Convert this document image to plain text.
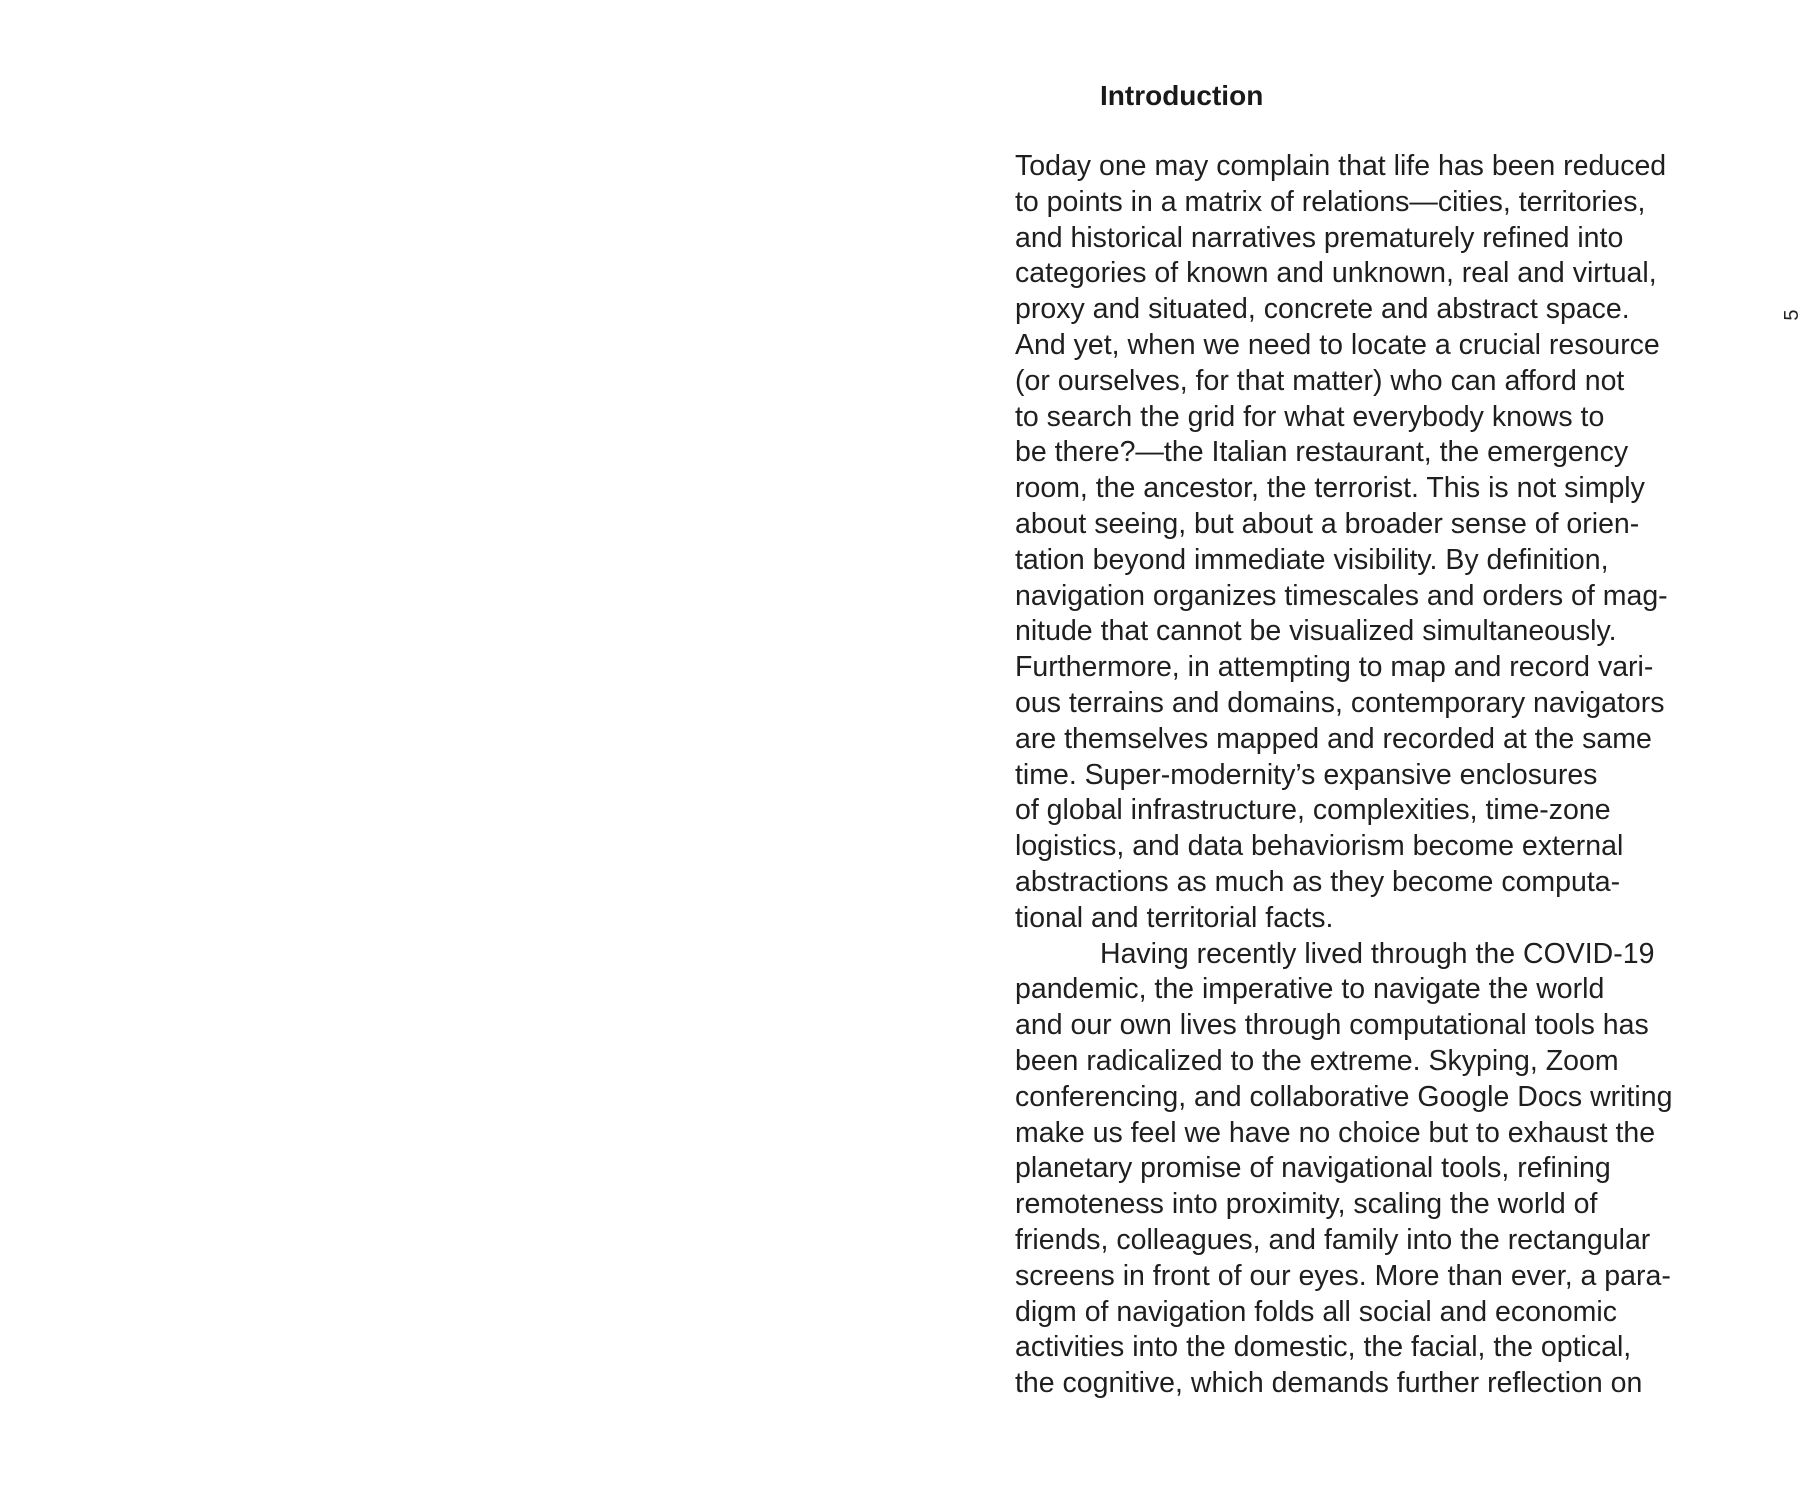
Introduction
Today one may complain that life has been reduced
to points in a matrix of relations—cities, territories,
and historical narratives prematurely refined into
categories of known and unknown, real and virtual,
proxy and situated, concrete and abstract space.
And yet, when we need to locate a crucial resource
(or ourselves, for that matter) who can afford not
to search the grid for what everybody knows to
be there?—the Italian restaurant, the emergency
room, the ancestor, the terrorist. This is not simply
about seeing, but about a broader sense of orien-
tation beyond immediate visibility. By definition,
navigation organizes timescales and orders of mag-
nitude that cannot be visualized simultaneously.
Furthermore, in attempting to map and record vari-
ous terrains and domains, contemporary navigators
are themselves mapped and recorded at the same
time. Super-modernity’s expansive enclosures
of global infrastructure, complexities, time-zone
logistics, and data behaviorism become external
abstractions as much as they become computa-
tional and territorial facts.
Having recently lived through the COVID-19
pandemic, the imperative to navigate the world
and our own lives through computational tools has
been radicalized to the extreme. Skyping, Zoom
conferencing, and collaborative Google Docs writing
make us feel we have no choice but to exhaust the
planetary promise of navigational tools, refining
remoteness into proximity, scaling the world of
friends, colleagues, and family into the rectangular
screens in front of our eyes. More than ever, a para-
digm of navigation folds all social and economic
activities into the domestic, the facial, the optical,
the cognitive, which demands further reflection on
5
